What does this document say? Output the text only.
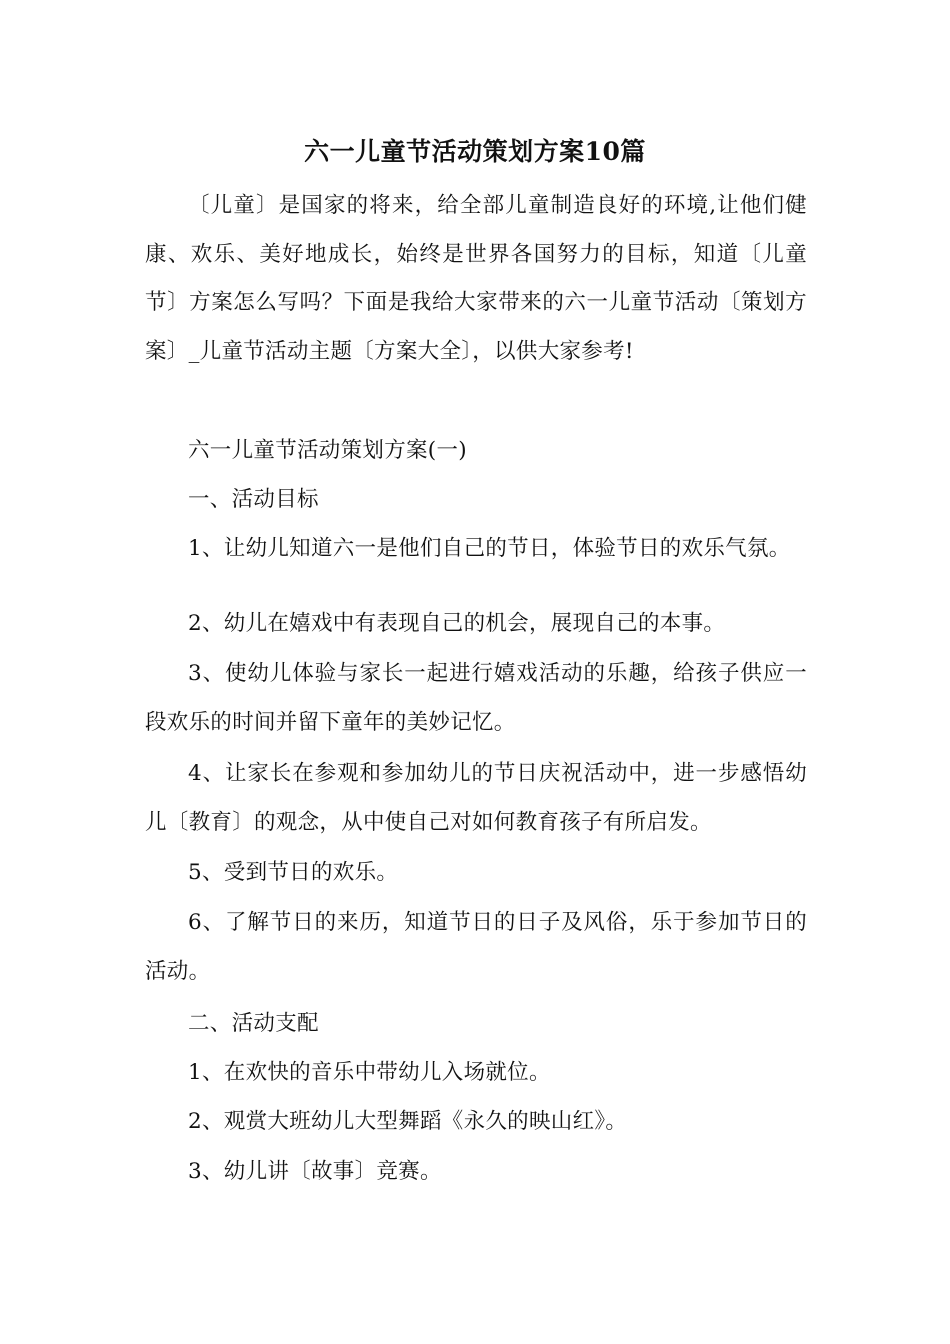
六一儿童节活动策划方案10篇
〔儿童〕是国家的将来，给全部儿童制造良好的环境,让他们健康、欢乐、美好地成长，始终是世界各国努力的目标，知道〔儿童节〕方案怎么写吗？下面是我给大家带来的六一儿童节活动〔策划方案〕_儿童节活动主题〔方案大全〕，以供大家参考!
六一儿童节活动策划方案(一)
一、活动目标
1、让幼儿知道六一是他们自己的节日，体验节日的欢乐气氛。
2、幼儿在嬉戏中有表现自己的机会，展现自己的本事。
3、使幼儿体验与家长一起进行嬉戏活动的乐趣，给孩子供应一段欢乐的时间并留下童年的美妙记忆。
4、让家长在参观和参加幼儿的节日庆祝活动中，进一步感悟幼儿〔教育〕的观念，从中使自己对如何教育孩子有所启发。
5、受到节日的欢乐。
6、了解节日的来历，知道节日的日子及风俗，乐于参加节日的活动。
二、活动支配
1、在欢快的音乐中带幼儿入场就位。
2、观赏大班幼儿大型舞蹈《永久的映山红》。
3、幼儿讲〔故事〕竞赛。
